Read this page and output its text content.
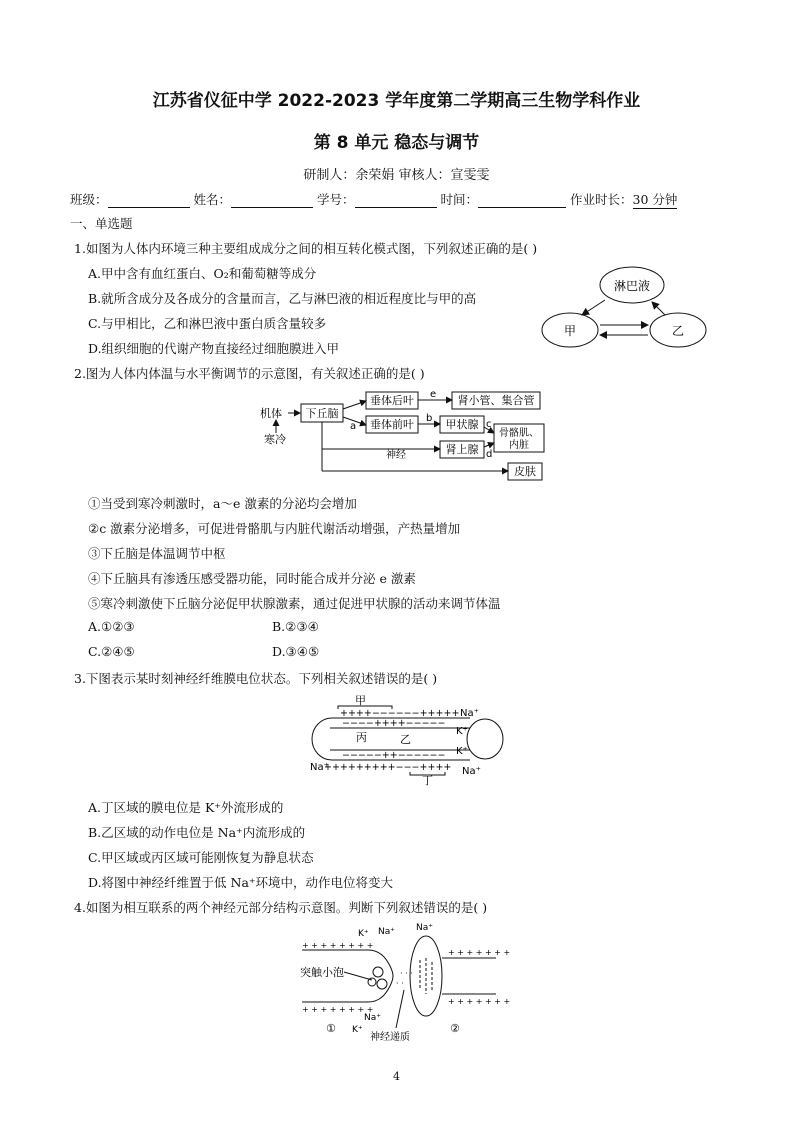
江苏省仪征中学 2022-2023 学年度第二学期高三生物学科作业
第 8 单元 稳态与调节
研制人：余荣娟 审核人：宣雯雯
班级：	姓名：	学号：	时间：	作业时长：30 分钟
一、单选题
1.如图为人体内环境三种主要组成成分之间的相互转化模式图，下列叙述正确的是( )
A.甲中含有血红蛋白、O₂和葡萄糖等成分
B.就所含成分及各成分的含量而言，乙与淋巴液的相近程度比与甲的高
C.与甲相比，乙和淋巴液中蛋白质含量较多
D.组织细胞的代谢产物直接经过细胞膜进入甲
淋巴液
甲	乙
2.图为人体内体温与水平衡调节的示意图，有关叙述正确的是( )
机体
寒冷
下丘脑
a
垂体后叶
垂体前叶
e 肾小管、集合管
b 甲状腺 c
骨骼肌、
内脏
神经	肾上腺 d
皮肤
①当受到寒冷刺激时，a～e 激素的分泌均会增加
②c 激素分泌增多，可促进骨骼肌与内脏代谢活动增强，产热量增加
③下丘脑是体温调节中枢
④下丘脑具有渗透压感受器功能，同时能合成并分泌 e 激素
⑤寒冷刺激使下丘脑分泌促甲状腺激素，通过促进甲状腺的活动来调节体温
A.①②③	B.②③④
C.②④⑤	D.③④⑤
3.下图表示某时刻神经纤维膜电位状态。下列相关叙述错误的是( )
甲
++++−−−−−−+++++
−−−−++++−−−−−
−−−−−++−−−−−−
+++++++++−−−++++
丙	乙
Na⁺
K⁺
K⁺
Na⁺	Na⁺
丁
A.丁区域的膜电位是 K⁺外流形成的
B.乙区域的动作电位是 Na⁺内流形成的
C.甲区域或丙区域可能刚恢复为静息状态
D.将图中神经纤维置于低 Na⁺环境中，动作电位将变大
4.如图为相互联系的两个神经元部分结构示意图。判断下列叙述错误的是( )
+ + + + + + + +
+ + + + + + + +
· · ·
· ·
+ + + + + + +
+ + + + + + +
突触小泡
K⁺ Na⁺ Na⁺
Na⁺
K⁺
①	②
神经递质
4
